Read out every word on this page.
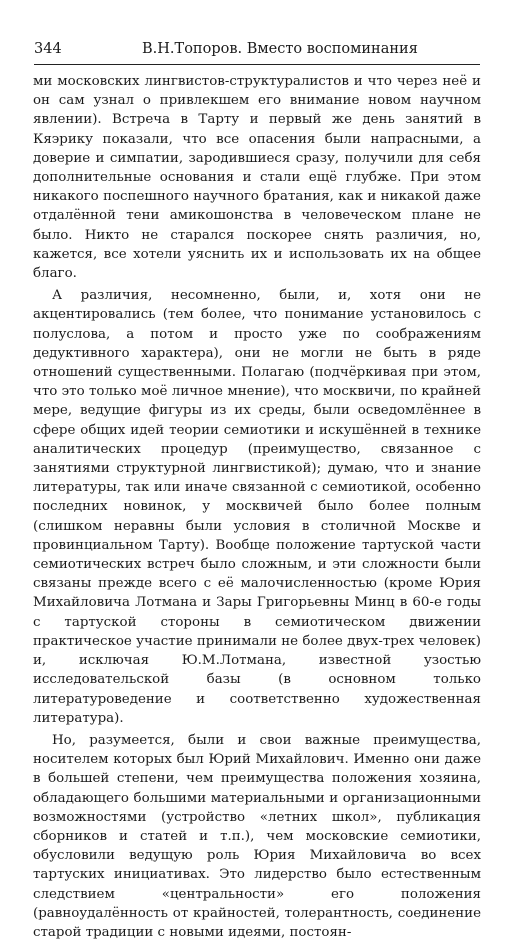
344	В.Н.Топоров. Вместо воспоминания

ми московских лингвистов-структуралистов и что через неё и он сам узнал о привлекшем его внимание новом научном явлении). Встреча в Тарту и первый же день занятий в Кяэрику показали, что все опасения были напрасными, а доверие и симпатии, зародившиеся сразу, получили для себя дополнительные основания и стали ещё глубже. При этом никакого поспешного научного братания, как и никакой даже отдалённой тени амикошонства в человеческом плане не было. Никто не старался поскорее снять различия, но, кажется, все хотели уяснить их и использовать их на общее благо.

А различия, несомненно, были, и, хотя они не акцентировались (тем более, что понимание установилось с полуслова, а потом и просто уже по соображениям дедуктивного характера), они не могли не быть в ряде отношений существенными. Полагаю (подчёркивая при этом, что это только моё личное мнение), что москвичи, по крайней мере, ведущие фигуры из их среды, были осведомлённее в сфере общих идей теории семиотики и искушённей в технике аналитических процедур (преимущество, связанное с занятиями структурной лингвистикой); думаю, что и знание литературы, так или иначе связанной с семиотикой, особенно последних новинок, у москвичей было более полным (слишком неравны были условия в столичной Москве и провинциальном Тарту). Вообще положение тартуской части семиотических встреч было сложным, и эти сложности были связаны прежде всего с её малочисленностью (кроме Юрия Михайловича Лотмана и Зары Григорьевны Минц в 60-е годы с тартуской стороны в семиотическом движении практическое участие принимали не более двух-трех человек) и, исключая Ю.М.Лотмана, известной узостью исследовательской базы (в основном только литературоведение и соответственно художественная литература).

Но, разумеется, были и свои важные преимущества, носителем которых был Юрий Михайлович. Именно они даже в большей степени, чем преимущества положения хозяина, обладающего большими материальными и организационными возможностями (устройство «летних школ», публикация сборников и статей и т.п.), чем московские семиотики, обусловили ведущую роль Юрия Михайловича во всех тартуских инициативах. Это лидерство было естественным следствием «центральности» его положения (равноудалённость от крайностей, толерантность, соединение старой традиции с новыми идеями, постоян-
